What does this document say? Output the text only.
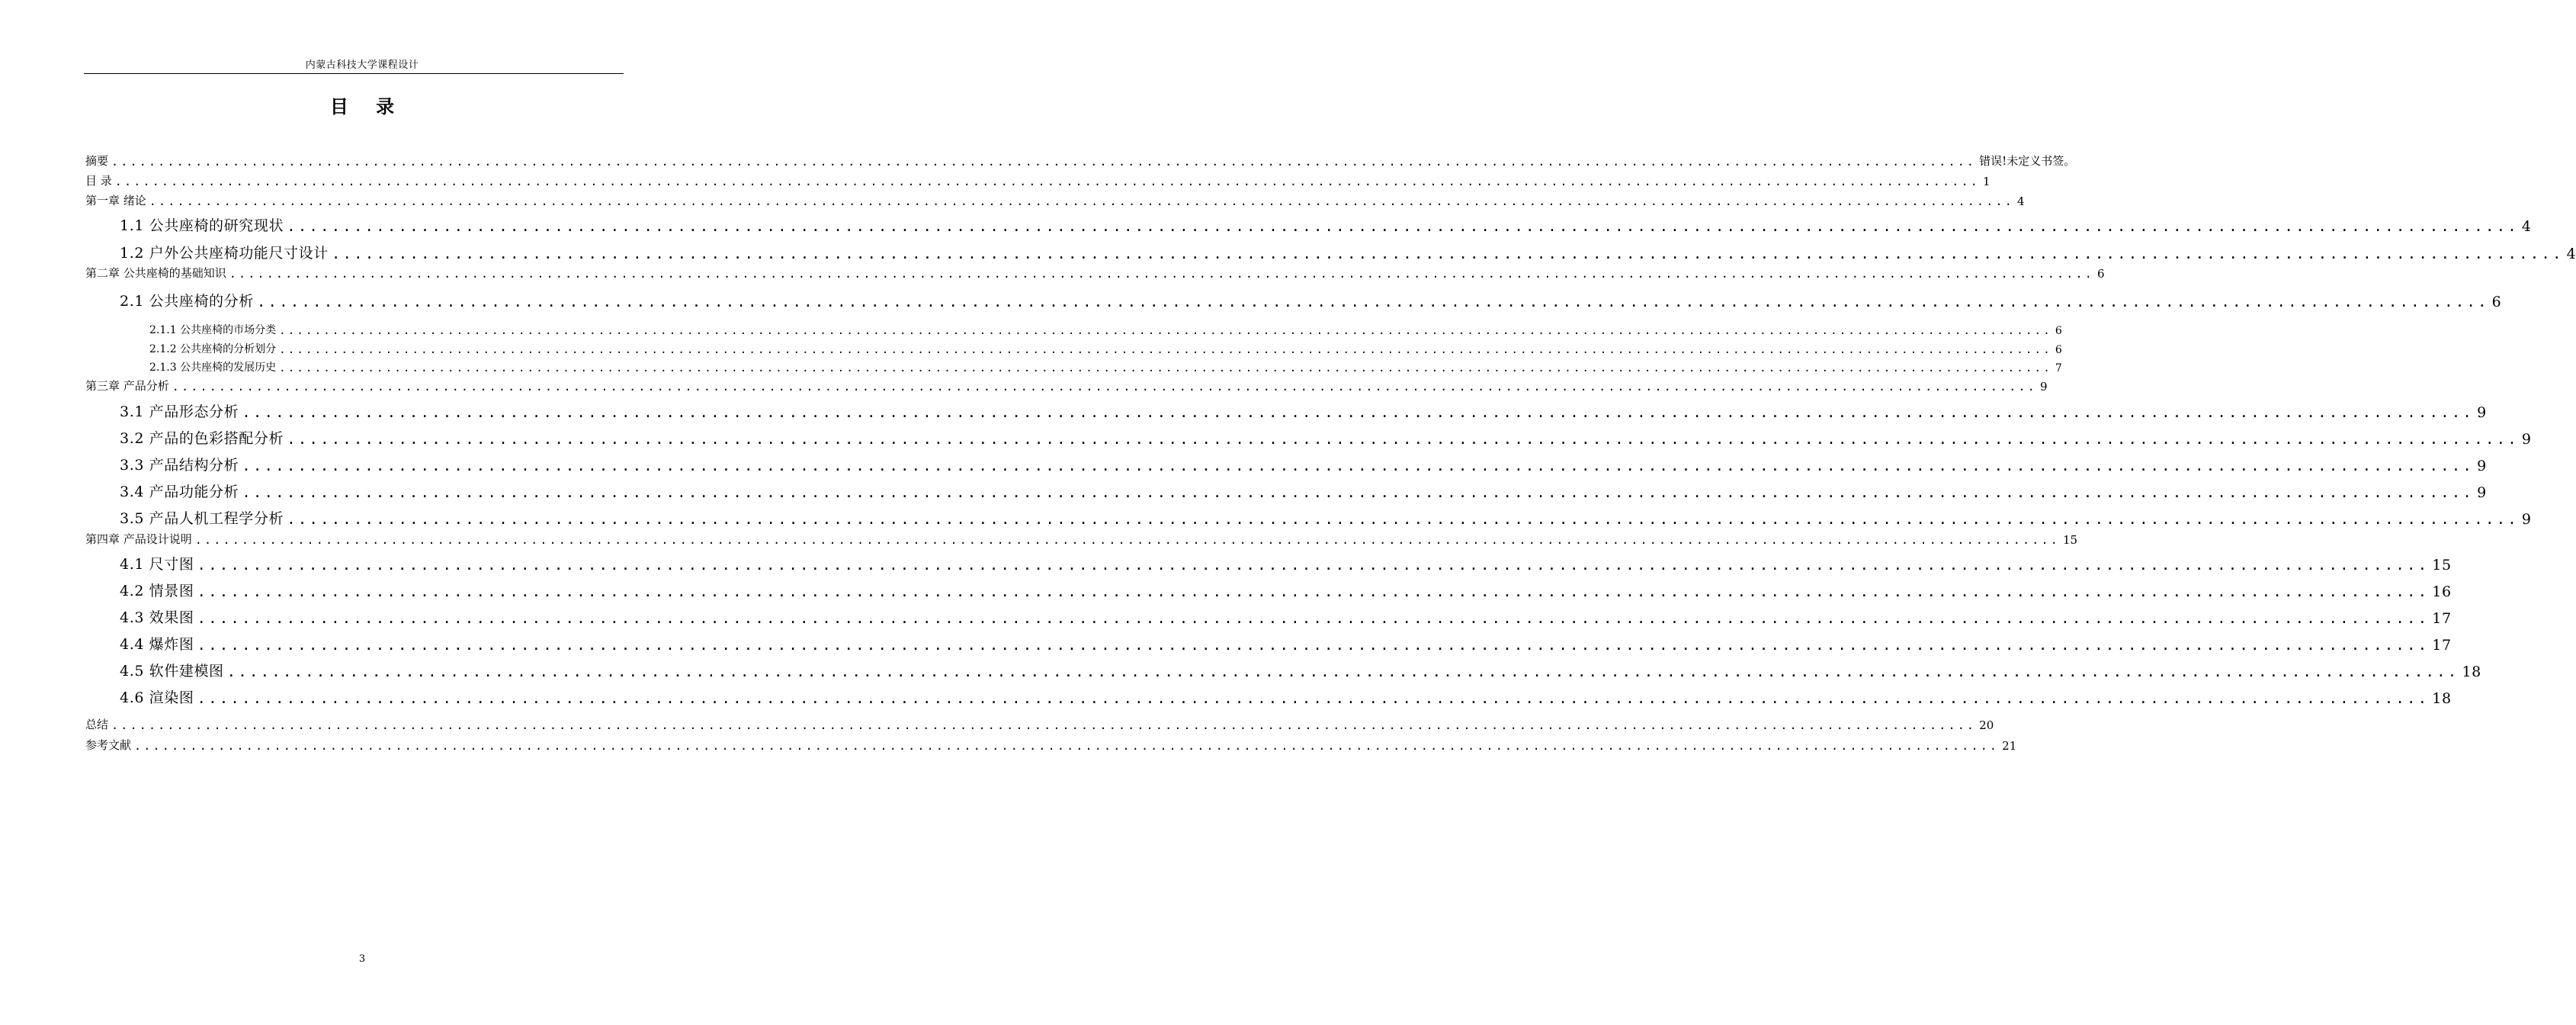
内蒙古科技大学课程设计
目 录
摘要 ........................................................................................................................................................................................................ 错误!未定义书签。
目 录 ........................................................................................................................................................................................................ 1
第一章 绪论 ........................................................................................................................................................................................................ 4
1.1 公共座椅的研究现状 ........................................................................................................................................................................................................ 4
1.2 户外公共座椅功能尺寸设计 ........................................................................................................................................................................................................ 4
第二章 公共座椅的基础知识 ........................................................................................................................................................................................................ 6
2.1 公共座椅的分析 ........................................................................................................................................................................................................ 6
2.1.1 公共座椅的市场分类 ........................................................................................................................................................................................................ 6
2.1.2 公共座椅的分析划分 ........................................................................................................................................................................................................ 6
2.1.3 公共座椅的发展历史 ........................................................................................................................................................................................................ 7
第三章 产品分析 ........................................................................................................................................................................................................ 9
3.1 产品形态分析 ........................................................................................................................................................................................................ 9
3.2 产品的色彩搭配分析 ........................................................................................................................................................................................................ 9
3.3 产品结构分析 ........................................................................................................................................................................................................ 9
3.4 产品功能分析 ........................................................................................................................................................................................................ 9
3.5 产品人机工程学分析 ........................................................................................................................................................................................................ 9
第四章 产品设计说明 ........................................................................................................................................................................................................ 15
4.1 尺寸图 ........................................................................................................................................................................................................ 15
4.2 情景图 ........................................................................................................................................................................................................ 16
4.3 效果图 ........................................................................................................................................................................................................ 17
4.4 爆炸图 ........................................................................................................................................................................................................ 17
4.5 软件建模图 ........................................................................................................................................................................................................ 18
4.6 渲染图 ........................................................................................................................................................................................................ 18
总结 ........................................................................................................................................................................................................ 20
参考文献 ........................................................................................................................................................................................................ 21
3
